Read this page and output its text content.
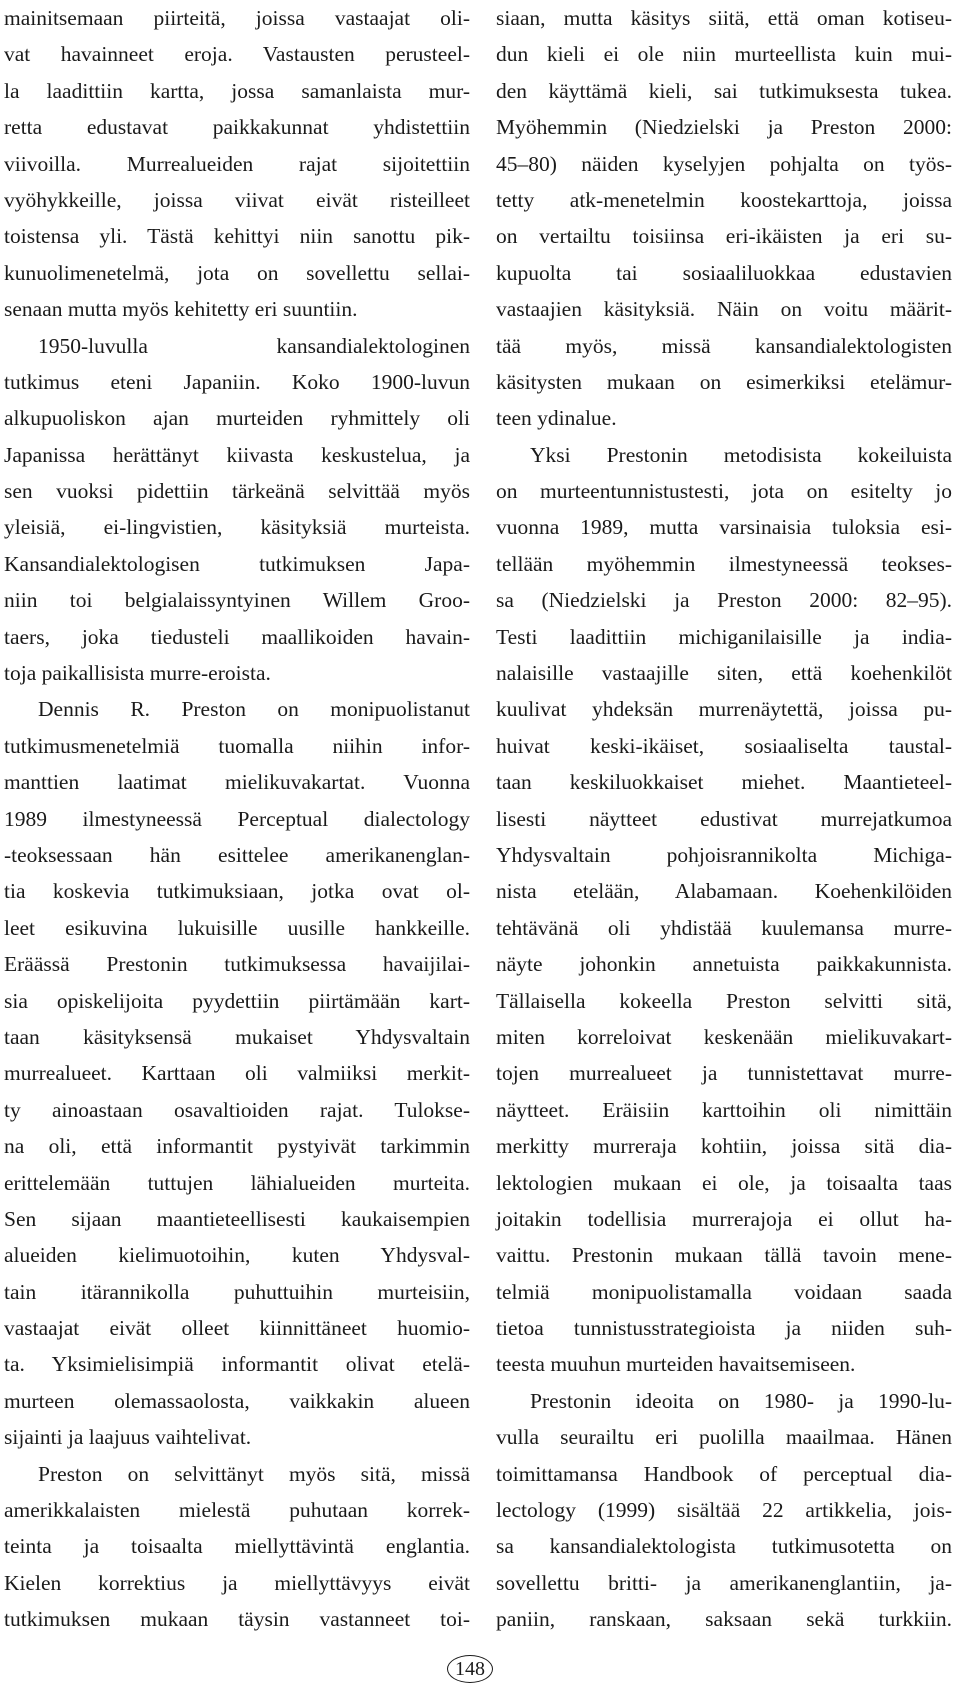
mainitsemaan piirteitä, joissa vastaajat oli-
vat havainneet eroja. Vastausten perusteel-
la laadittiin kartta, jossa samanlaista mur-
retta edustavat paikkakunnat yhdistettiin
viivoilla. Murrealueiden rajat sijoitettiin
vyöhykkeille, joissa viivat eivät risteilleet
toistensa yli. Tästä kehittyi niin sanottu pik-
kunuolimenetelmä, jota on sovellettu sellai-
senaan mutta myös kehitetty eri suuntiin.
1950-luvulla kansandialektologinen
tutkimus eteni Japaniin. Koko 1900-luvun
alkupuoliskon ajan murteiden ryhmittely oli
Japanissa herättänyt kiivasta keskustelua, ja
sen vuoksi pidettiin tärkeänä selvittää myös
yleisiä, ei-lingvistien, käsityksiä murteista.
Kansandialektologisen tutkimuksen Japa-
niin toi belgialaissyntyinen Willem Groo-
taers, joka tiedusteli maallikoiden havain-
toja paikallisista murre-eroista.
Dennis R. Preston on monipuolistanut
tutkimusmenetelmiä tuomalla niihin infor-
manttien laatimat mielikuvakartat. Vuonna
1989 ilmestyneessä Perceptual dialectology
-teoksessaan hän esittelee amerikanenglan-
tia koskevia tutkimuksiaan, jotka ovat ol-
leet esikuvina lukuisille uusille hankkeille.
Eräässä Prestonin tutkimuksessa havaijilai-
sia opiskelijoita pyydettiin piirtämään kart-
taan käsityksensä mukaiset Yhdysvaltain
murrealueet. Karttaan oli valmiiksi merkit-
ty ainoastaan osavaltioiden rajat. Tulokse-
na oli, että informantit pystyivät tarkimmin
erittelemään tuttujen lähialueiden murteita.
Sen sijaan maantieteellisesti kaukaisempien
alueiden kielimuotoihin, kuten Yhdysval-
tain itärannikolla puhuttuihin murteisiin,
vastaajat eivät olleet kiinnittäneet huomio-
ta. Yksimielisimpiä informantit olivat etelä-
murteen olemassaolosta, vaikkakin alueen
sijainti ja laajuus vaihtelivat.
Preston on selvittänyt myös sitä, missä
amerikkalaisten mielestä puhutaan korrek-
teinta ja toisaalta miellyttävintä englantia.
Kielen korrektius ja miellyttävyys eivät
tutkimuksen mukaan täysin vastanneet toi-
siaan, mutta käsitys siitä, että oman kotiseu-
dun kieli ei ole niin murteellista kuin mui-
den käyttämä kieli, sai tutkimuksesta tukea.
Myöhemmin (Niedzielski ja Preston 2000:
45–80) näiden kyselyjen pohjalta on työs-
tetty atk-menetelmin koostekarttoja, joissa
on vertailtu toisiinsa eri-ikäisten ja eri su-
kupuolta tai sosiaaliluokkaa edustavien
vastaajien käsityksiä. Näin on voitu määrit-
tää myös, missä kansandialektologisten
käsitysten mukaan on esimerkiksi etelämur-
teen ydinalue.
Yksi Prestonin metodisista kokeiluista
on murteentunnistustesti, jota on esitelty jo
vuonna 1989, mutta varsinaisia tuloksia esi-
tellään myöhemmin ilmestyneessä teokses-
sa (Niedzielski ja Preston 2000: 82–95).
Testi laadittiin michiganilaisille ja india-
nalaisille vastaajille siten, että koehenkilöt
kuulivat yhdeksän murrenäytettä, joissa pu-
huivat keski-ikäiset, sosiaaliselta taustal-
taan keskiluokkaiset miehet. Maantieteel-
lisesti näytteet edustivat murrejatkumoa
Yhdysvaltain pohjoisrannikolta Michiga-
nista etelään, Alabamaan. Koehenkilöiden
tehtävänä oli yhdistää kuulemansa murre-
näyte johonkin annetuista paikkakunnista.
Tällaisella kokeella Preston selvitti sitä,
miten korreloivat keskenään mielikuvakart-
tojen murrealueet ja tunnistettavat murre-
näytteet. Eräisiin karttoihin oli nimittäin
merkitty murreraja kohtiin, joissa sitä dia-
lektologien mukaan ei ole, ja toisaalta taas
joitakin todellisia murrerajoja ei ollut ha-
vaittu. Prestonin mukaan tällä tavoin mene-
telmiä monipuolistamalla voidaan saada
tietoa tunnistusstrategioista ja niiden suh-
teesta muuhun murteiden havaitsemiseen.
Prestonin ideoita on 1980- ja 1990-lu-
vulla seurailtu eri puolilla maailmaa. Hänen
toimittamansa Handbook of perceptual dia-
lectology (1999) sisältää 22 artikkelia, jois-
sa kansandialektologista tutkimusotetta on
sovellettu britti- ja amerikanenglantiin, ja-
paniin, ranskaan, saksaan sekä turkkiin.
148
